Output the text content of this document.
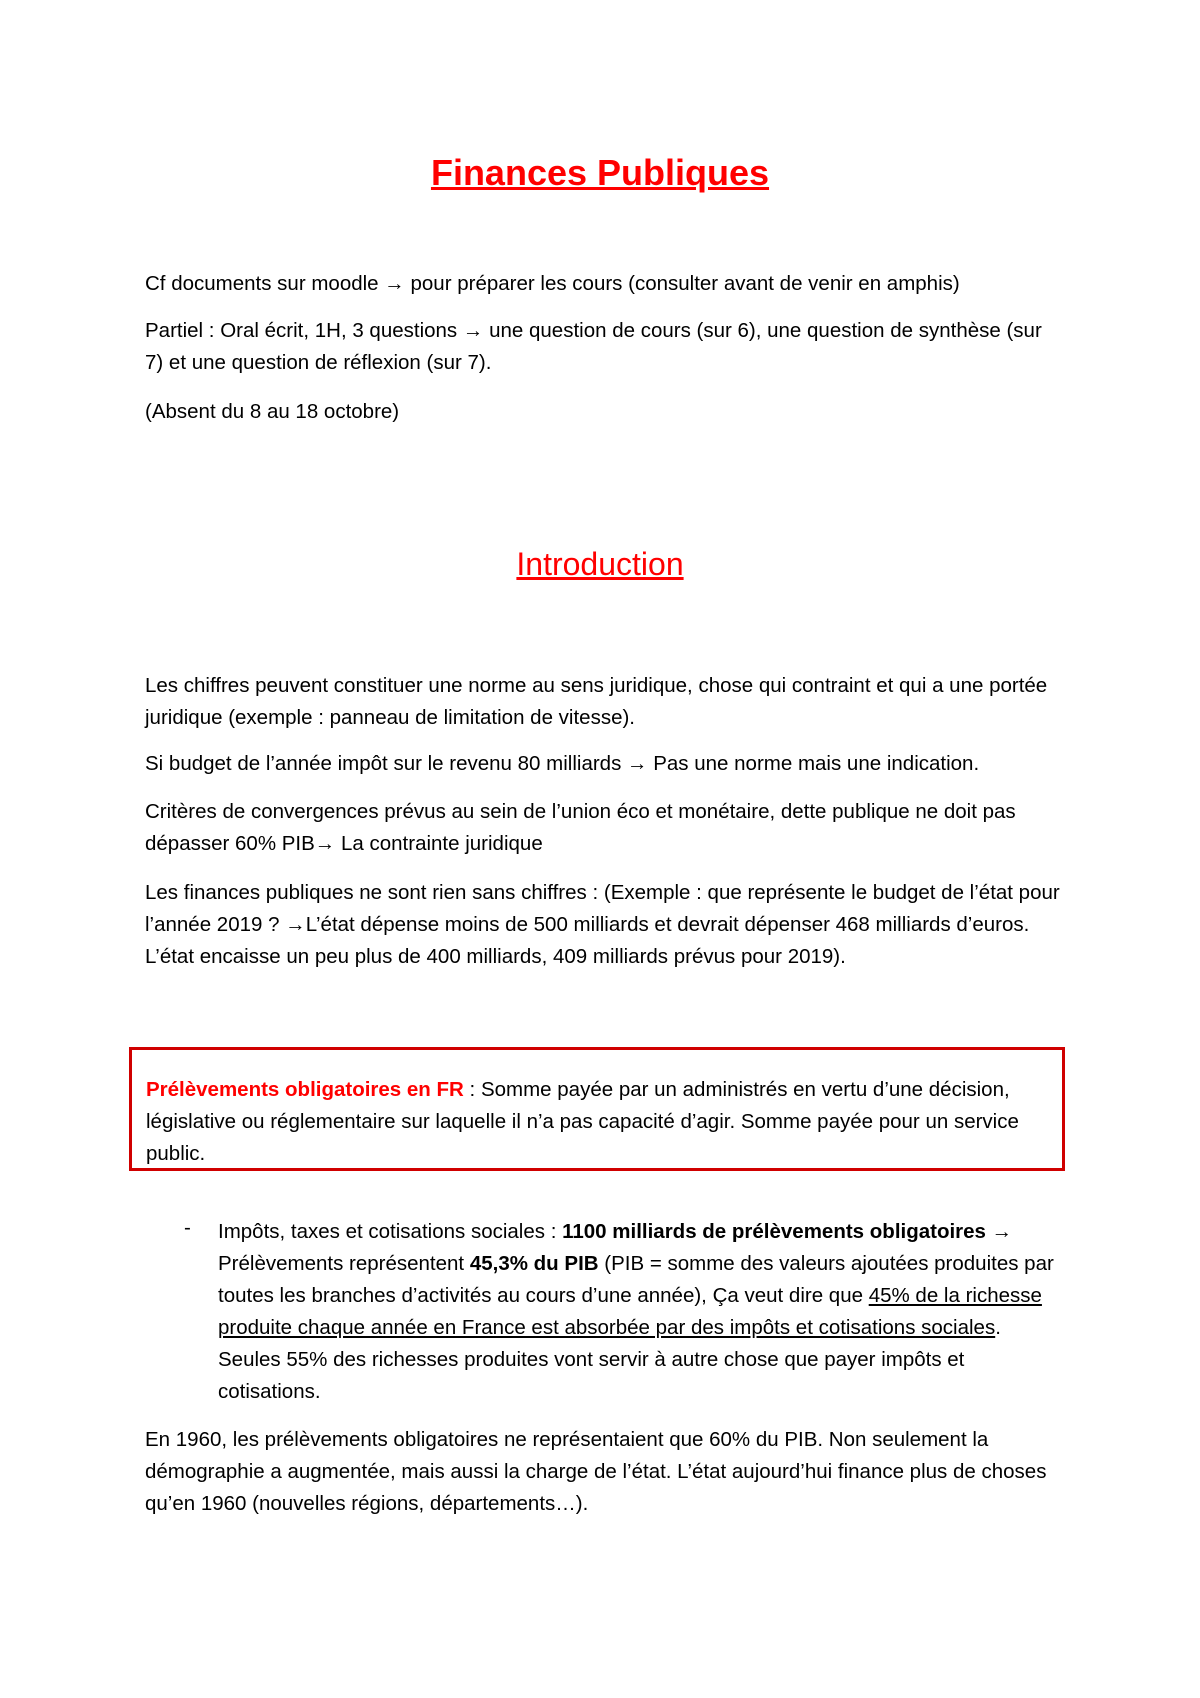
Finances Publiques

Cf documents sur moodle → pour préparer les cours (consulter avant de venir en amphis)

Partiel : Oral écrit, 1H, 3 questions → une question de cours (sur 6), une question de synthèse (sur 7) et une question de réflexion (sur 7).

(Absent du 8 au 18 octobre)

Introduction

Les chiffres peuvent constituer une norme au sens juridique, chose qui contraint et qui a une portée juridique (exemple : panneau de limitation de vitesse).

Si budget de l’année impôt sur le revenu 80 milliards → Pas une norme mais une indication.

Critères de convergences prévus au sein de l’union éco et monétaire, dette publique ne doit pas dépasser 60% PIB→ La contrainte juridique

Les finances publiques ne sont rien sans chiffres : (Exemple : que représente le budget de l’état pour l’année 2019 ? →L’état dépense moins de 500 milliards et devrait dépenser 468 milliards d’euros. L’état encaisse un peu plus de 400 milliards, 409 milliards prévus pour 2019).

Prélèvements obligatoires en FR : Somme payée par un administrés en vertu d’une décision, législative ou réglementaire sur laquelle il n’a pas capacité d’agir. Somme payée pour un service public.
- Impôts, taxes et cotisations sociales : 1100 milliards de prélèvements obligatoires → Prélèvements représentent 45,3% du PIB (PIB = somme des valeurs ajoutées produites par toutes les branches d’activités au cours d’une année), Ça veut dire que 45% de la richesse produite chaque année en France est absorbée par des impôts et cotisations sociales. Seules 55% des richesses produites vont servir à autre chose que payer impôts et cotisations.

En 1960, les prélèvements obligatoires ne représentaient que 60% du PIB. Non seulement la démographie a augmentée, mais aussi la charge de l’état. L’état aujourd’hui finance plus de choses qu’en 1960 (nouvelles régions, départements…).
